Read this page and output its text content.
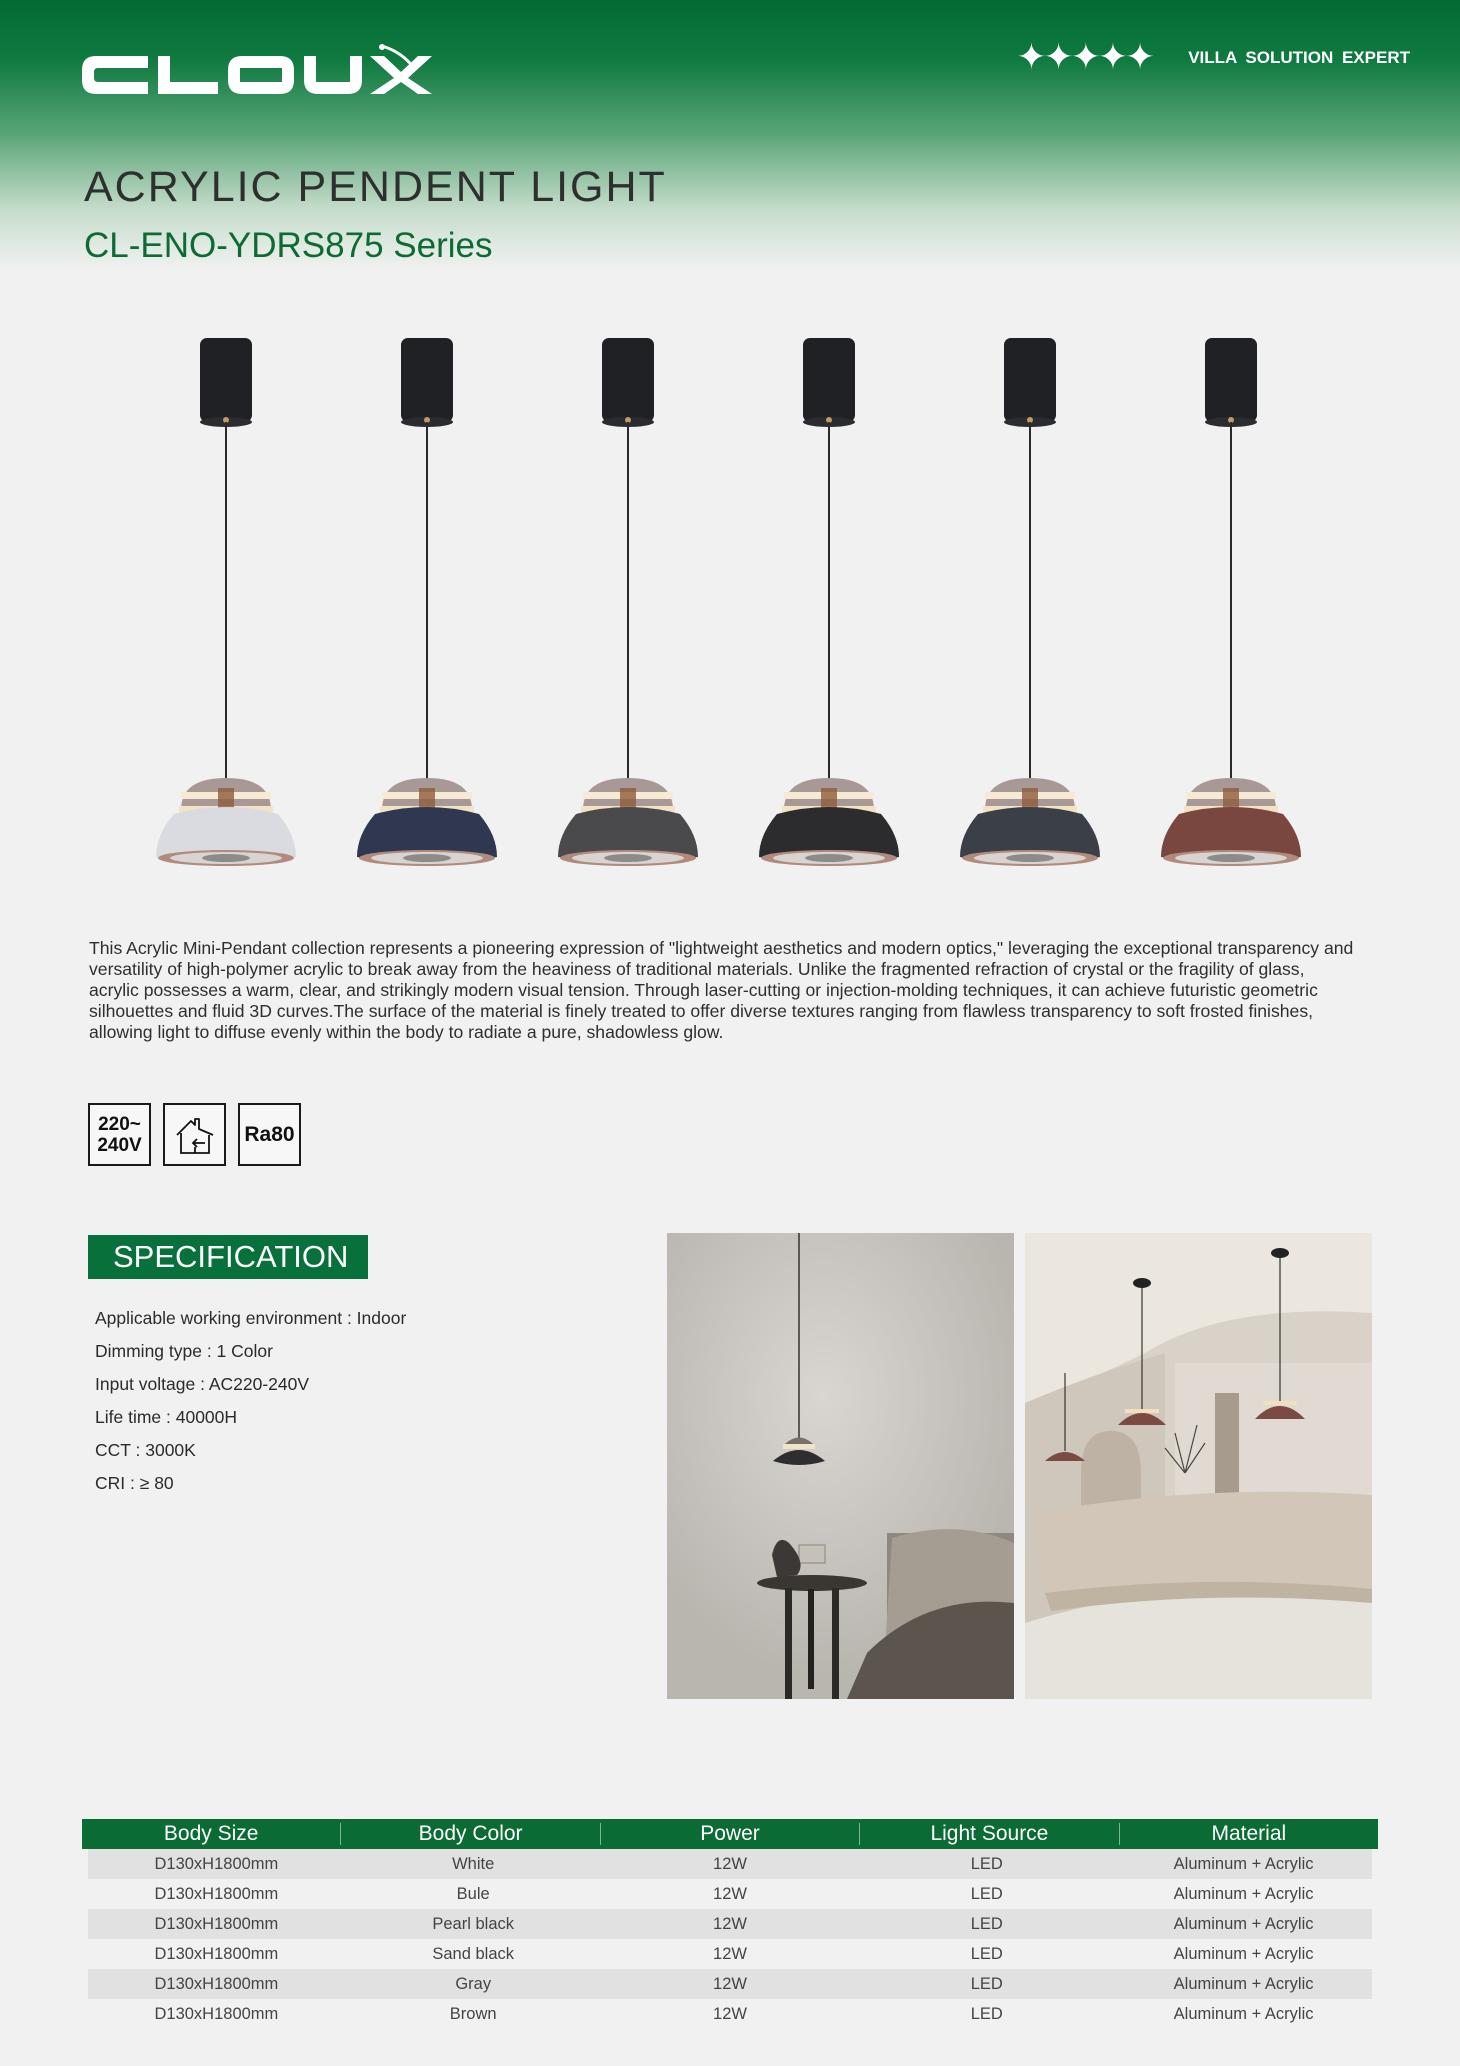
✦✦✦✦✦ VILLA SOLUTION EXPERT
ACRYLIC PENDENT LIGHT
CL-ENO-YDRS875 Series

This Acrylic Mini-Pendant collection represents a pioneering expression of "lightweight aesthetics and modern optics," leveraging the exceptional transparency and versatility of high-polymer acrylic to break away from the heaviness of traditional materials. Unlike the fragmented refraction of crystal or the fragility of glass, acrylic possesses a warm, clear, and strikingly modern visual tension. Through laser-cutting or injection-molding techniques, it can achieve futuristic geometric silhouettes and fluid 3D curves.The surface of the material is finely treated to offer diverse textures ranging from flawless transparency to soft frosted finishes, allowing light to diffuse evenly within the body to radiate a pure, shadowless glow.

220~
240V	Ra80
SPECIFICATION
Applicable working environment : Indoor
Dimming type : 1 Color
Input voltage : AC220-240V
Life time : 40000H
CCT : 3000K
CRI : ≥ 80
Body Size	Body Color	Power	Light Source	Material
D130xH1800mm	White	12W	LED	Aluminum + Acrylic
D130xH1800mm	Bule	12W	LED	Aluminum + Acrylic
D130xH1800mm	Pearl black	12W	LED	Aluminum + Acrylic
D130xH1800mm	Sand black	12W	LED	Aluminum + Acrylic
D130xH1800mm	Gray	12W	LED	Aluminum + Acrylic
D130xH1800mm	Brown	12W	LED	Aluminum + Acrylic
